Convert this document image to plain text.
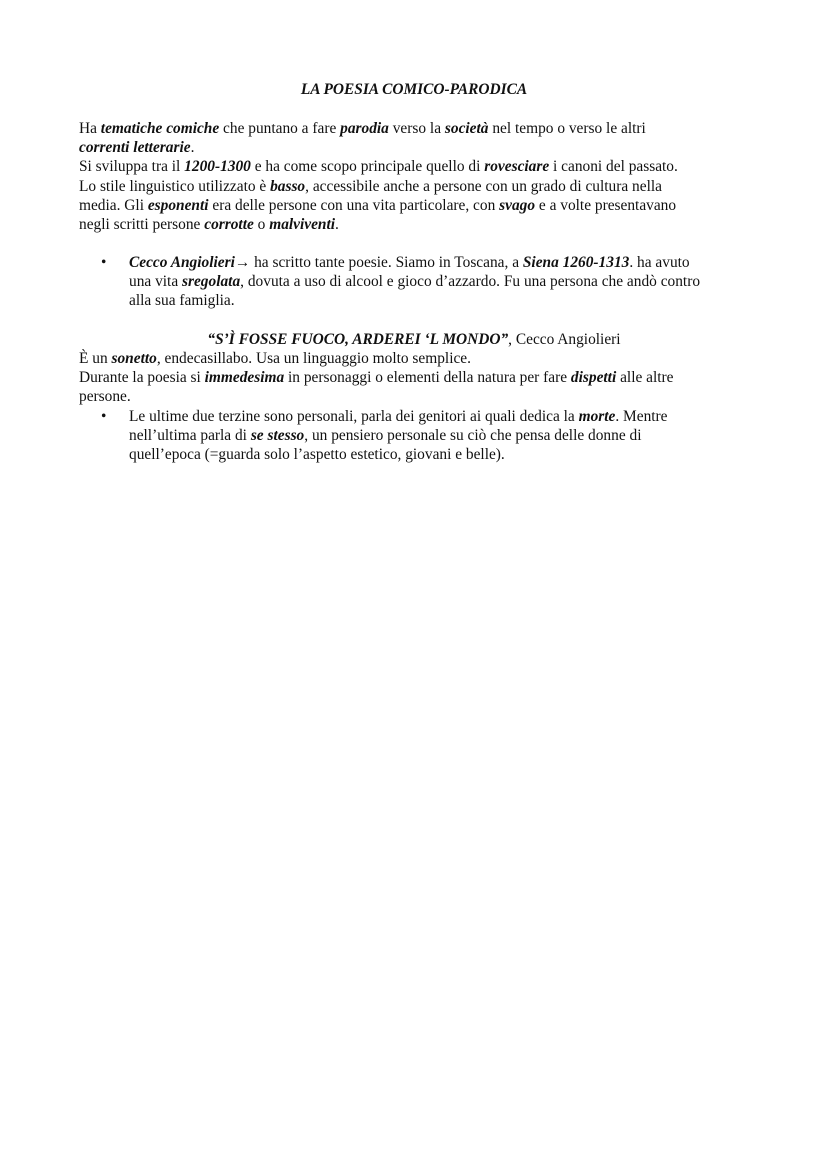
LA POESIA COMICO-PARODICA
Ha tematiche comiche che puntano a fare parodia verso la società nel tempo o verso le altri
correnti letterarie.
Si sviluppa tra il 1200-1300 e ha come scopo principale quello di rovesciare i canoni del passato.
Lo stile linguistico utilizzato è basso, accessibile anche a persone con un grado di cultura nella
media. Gli esponenti era delle persone con una vita particolare, con svago e a volte presentavano
negli scritti persone corrotte o malviventi.
• Cecco Angiolieri→ ha scritto tante poesie. Siamo in Toscana, a Siena 1260-1313. ha avuto
una vita sregolata, dovuta a uso di alcool e gioco d’azzardo. Fu una persona che andò contro
alla sua famiglia.
“S’Ì FOSSE FUOCO, ARDEREI ‘L MONDO”, Cecco Angiolieri
È un sonetto, endecasillabo. Usa un linguaggio molto semplice.
Durante la poesia si immedesima in personaggi o elementi della natura per fare dispetti alle altre
persone.
• Le ultime due terzine sono personali, parla dei genitori ai quali dedica la morte. Mentre
nell’ultima parla di se stesso, un pensiero personale su ciò che pensa delle donne di
quell’epoca (=guarda solo l’aspetto estetico, giovani e belle).
